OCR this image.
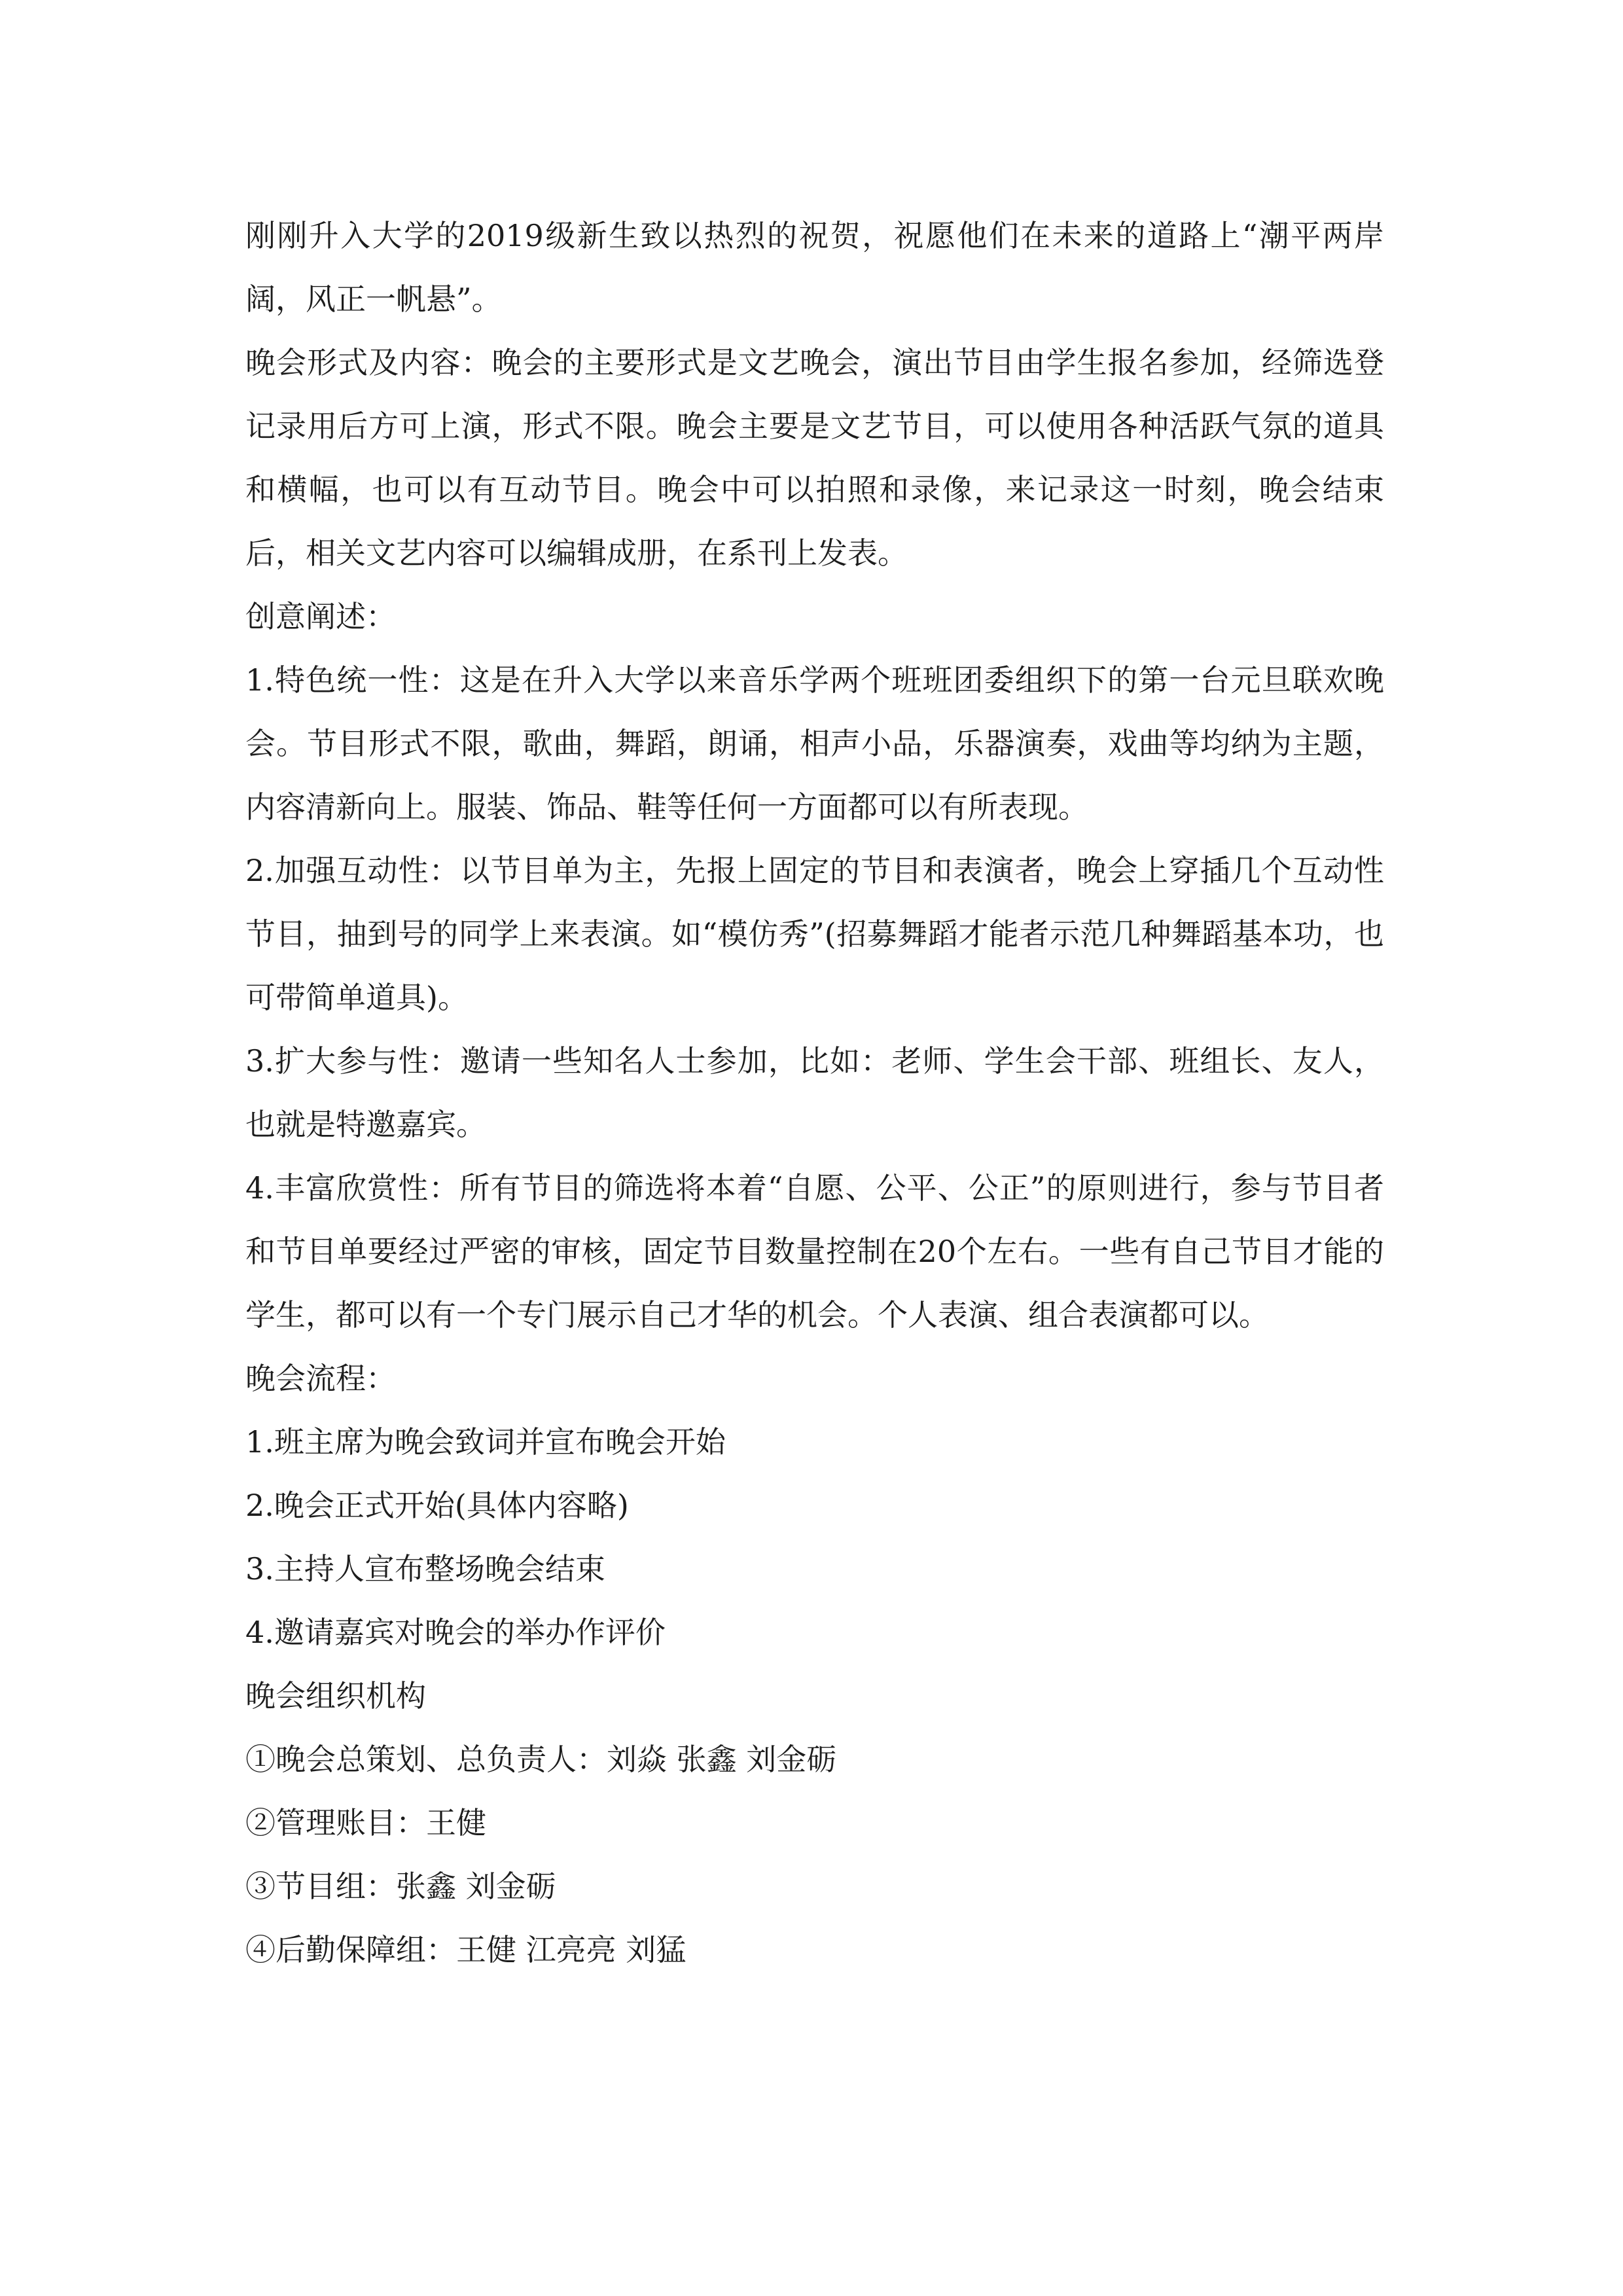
刚刚升入大学的2019级新生致以热烈的祝贺，祝愿他们在未来的道路上“潮平两岸阔，风正一帆悬”。

晚会形式及内容：晚会的主要形式是文艺晚会，演出节目由学生报名参加，经筛选登记录用后方可上演，形式不限。晚会主要是文艺节目，可以使用各种活跃气氛的道具和横幅，也可以有互动节目。晚会中可以拍照和录像，来记录这一时刻，晚会结束后，相关文艺内容可以编辑成册，在系刊上发表。

创意阐述：

1.特色统一性：这是在升入大学以来音乐学两个班班团委组织下的第一台元旦联欢晚会。节目形式不限，歌曲，舞蹈，朗诵，相声小品，乐器演奏，戏曲等均纳为主题，内容清新向上。服装、饰品、鞋等任何一方面都可以有所表现。

2.加强互动性：以节目单为主，先报上固定的节目和表演者，晚会上穿插几个互动性节目，抽到号的同学上来表演。如“模仿秀”(招募舞蹈才能者示范几种舞蹈基本功，也可带简单道具)。

3.扩大参与性：邀请一些知名人士参加，比如：老师、学生会干部、班组长、友人，也就是特邀嘉宾。

4.丰富欣赏性：所有节目的筛选将本着“自愿、公平、公正”的原则进行，参与节目者和节目单要经过严密的审核，固定节目数量控制在20个左右。一些有自己节目才能的学生，都可以有一个专门展示自己才华的机会。个人表演、组合表演都可以。

晚会流程：

1.班主席为晚会致词并宣布晚会开始

2.晚会正式开始(具体内容略)

3.主持人宣布整场晚会结束

4.邀请嘉宾对晚会的举办作评价

晚会组织机构

①晚会总策划、总负责人：刘焱 张鑫 刘金砺

②管理账目：王健

③节目组：张鑫 刘金砺

④后勤保障组：王健 江亮亮 刘猛
